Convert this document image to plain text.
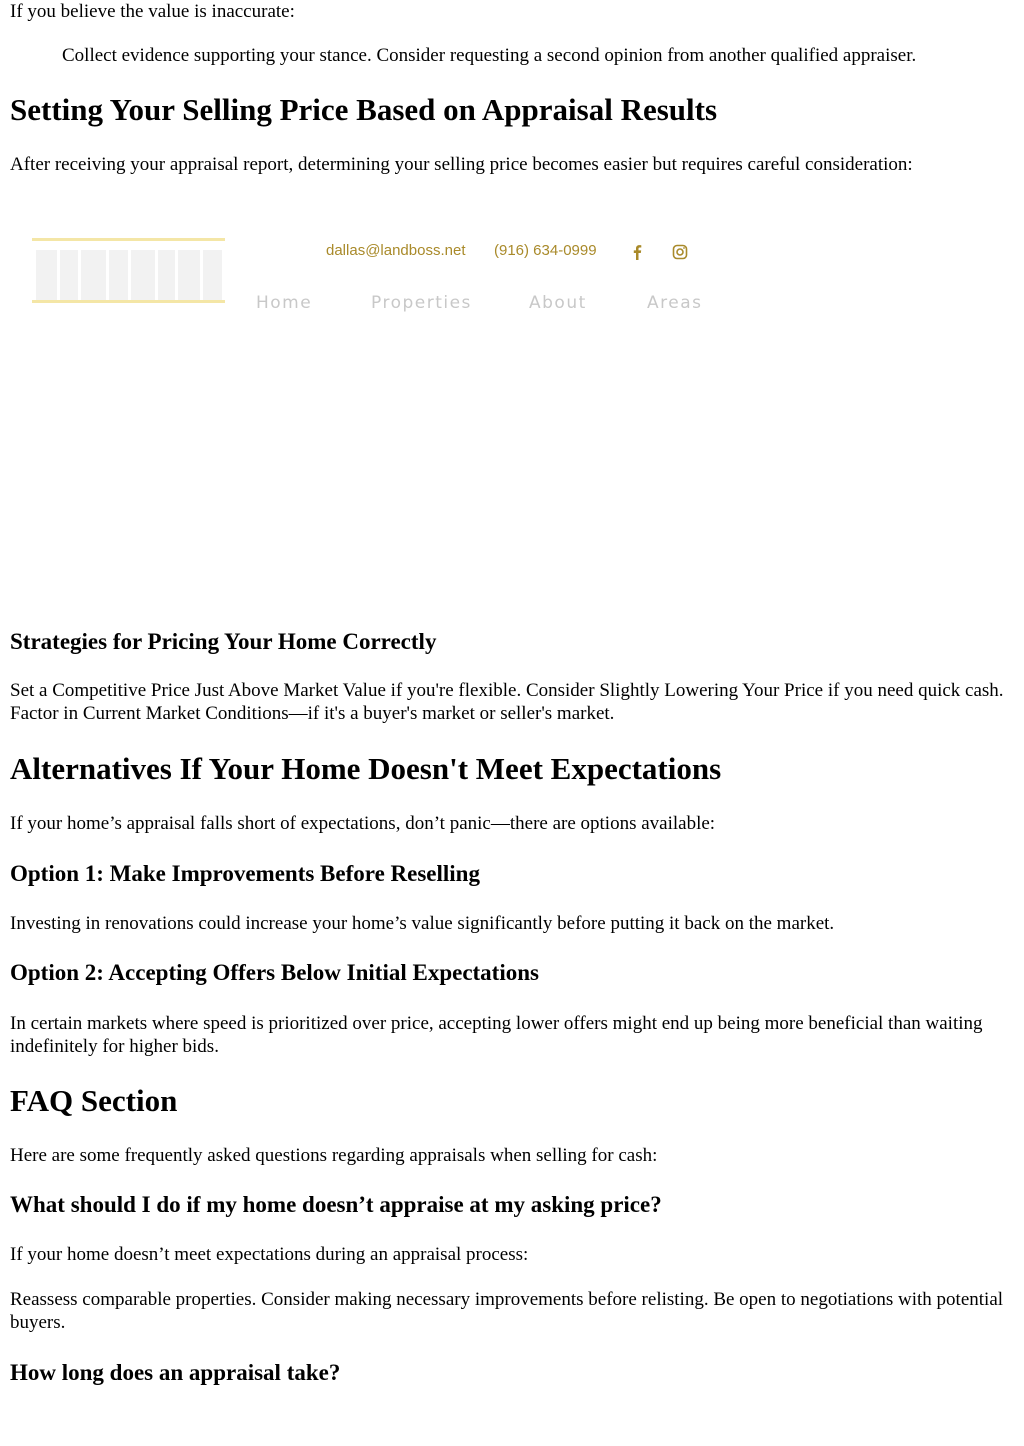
If you believe the value is inaccurate:

Collect evidence supporting your stance. Consider requesting a second opinion from another qualified appraiser.

Setting Your Selling Price Based on Appraisal Results

After receiving your appraisal report, determining your selling price becomes easier but requires careful consideration:

dallas@landboss.net (916) 634-0999
Home	Properties	About	Areas
Strategies for Pricing Your Home Correctly

Set a Competitive Price Just Above Market Value if you're flexible. Consider Slightly Lowering Your Price if you need quick cash. Factor in Current Market Conditions—if it's a buyer's market or seller's market.

Alternatives If Your Home Doesn't Meet Expectations

If your home’s appraisal falls short of expectations, don’t panic—there are options available:

Option 1: Make Improvements Before Reselling

Investing in renovations could increase your home’s value significantly before putting it back on the market.

Option 2: Accepting Offers Below Initial Expectations

In certain markets where speed is prioritized over price, accepting lower offers might end up being more beneficial than waiting indefinitely for higher bids.

FAQ Section

Here are some frequently asked questions regarding appraisals when selling for cash:

What should I do if my home doesn’t appraise at my asking price?

If your home doesn’t meet expectations during an appraisal process:

Reassess comparable properties. Consider making necessary improvements before relisting. Be open to negotiations with potential buyers.

How long does an appraisal take?
